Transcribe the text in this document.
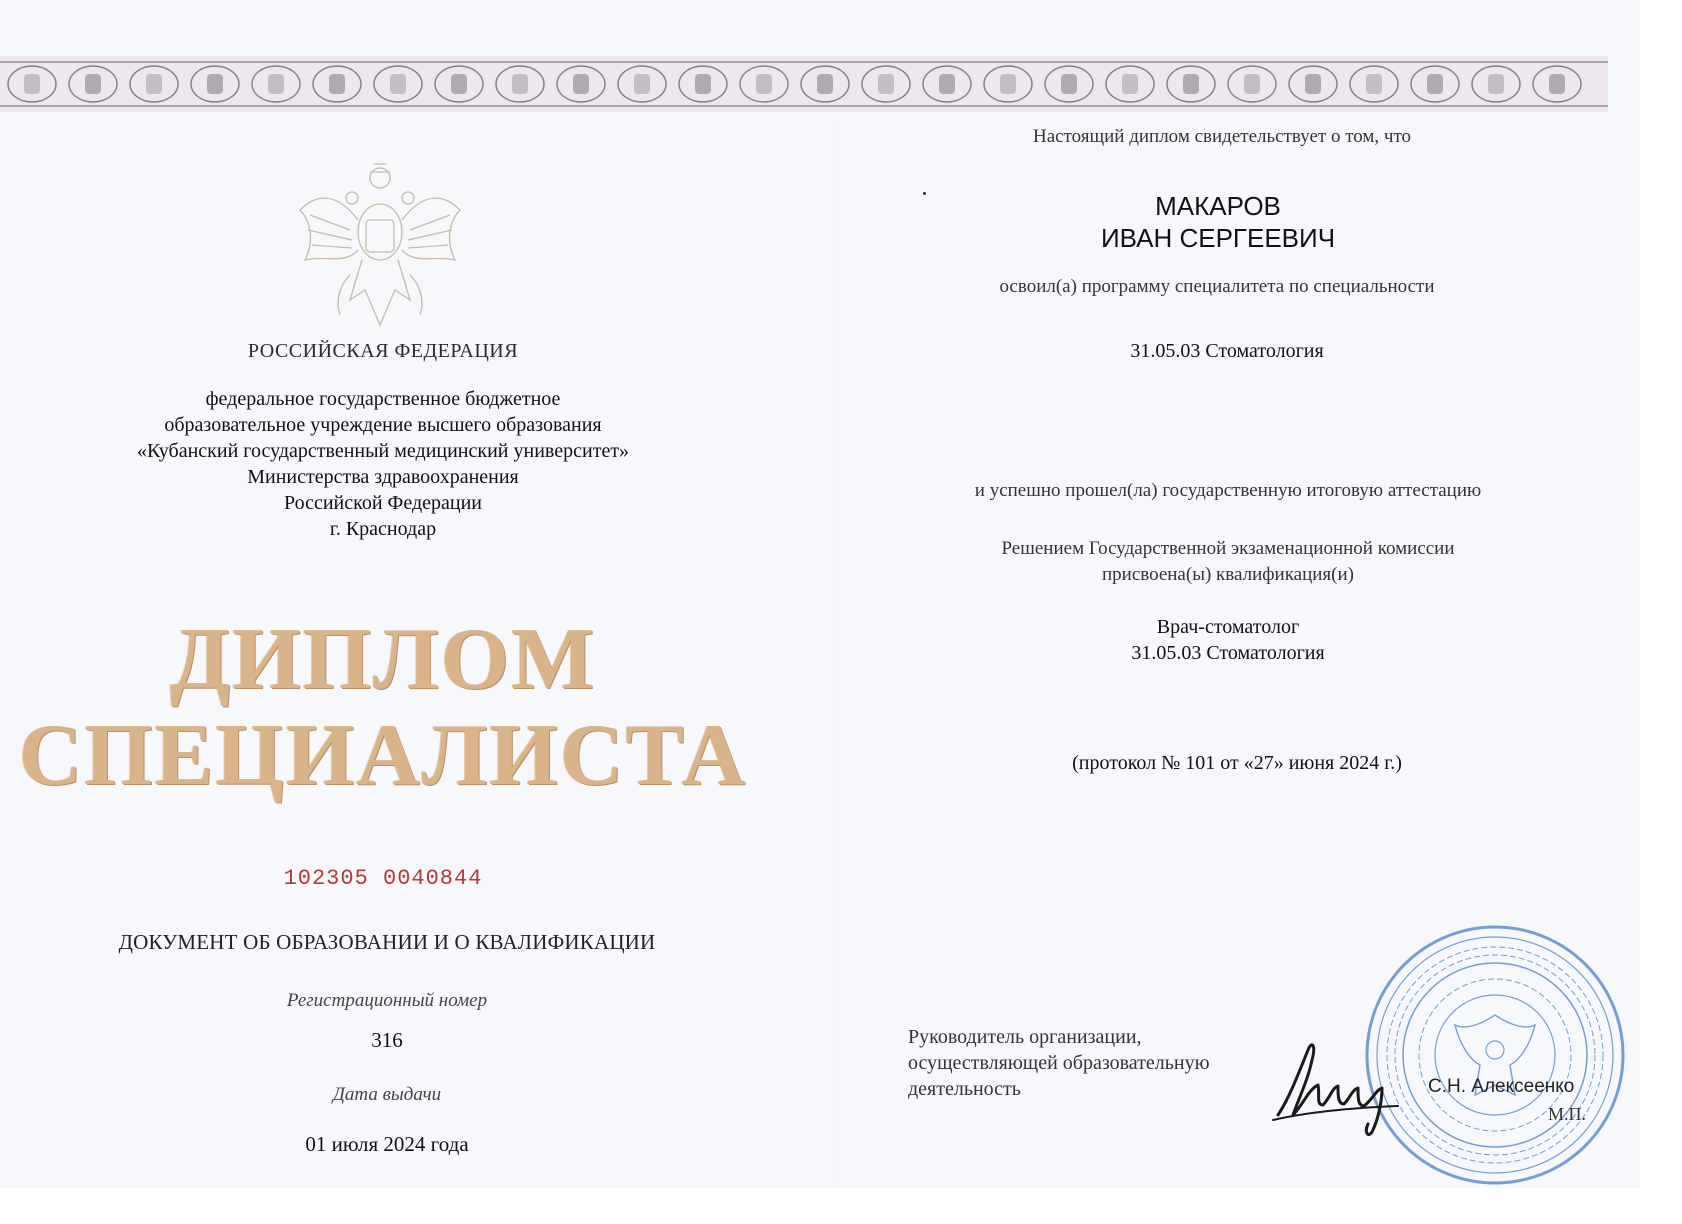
РОССИЙСКАЯ ФЕДЕРАЦИЯ
федеральное государственное бюджетное
образовательное учреждение высшего образования
«Кубанский государственный медицинский университет»
Министерства здравоохранения
Российской Федерации
г. Краснодар
ДИПЛОМ
СПЕЦИАЛИСТА
102305 0040844
ДОКУМЕНТ ОБ ОБРАЗОВАНИИ И О КВАЛИФИКАЦИИ
Регистрационный номер
316
Дата выдачи
01 июля 2024 года
Настоящий диплом свидетельствует о том, что
МАКАРОВ
ИВАН СЕРГЕЕВИЧ
освоил(а) программу специалитета по специальности
31.05.03 Стоматология
и успешно прошел(ла) государственную итоговую аттестацию
Решением Государственной экзаменационной комиссии
присвоена(ы) квалификация(и)
Врач-стоматолог
31.05.03 Стоматология
(протокол № 101 от «27» июня 2024 г.)
Руководитель организации,
осуществляющей образовательную
деятельность	С.Н. Алексеенко
М.П.
